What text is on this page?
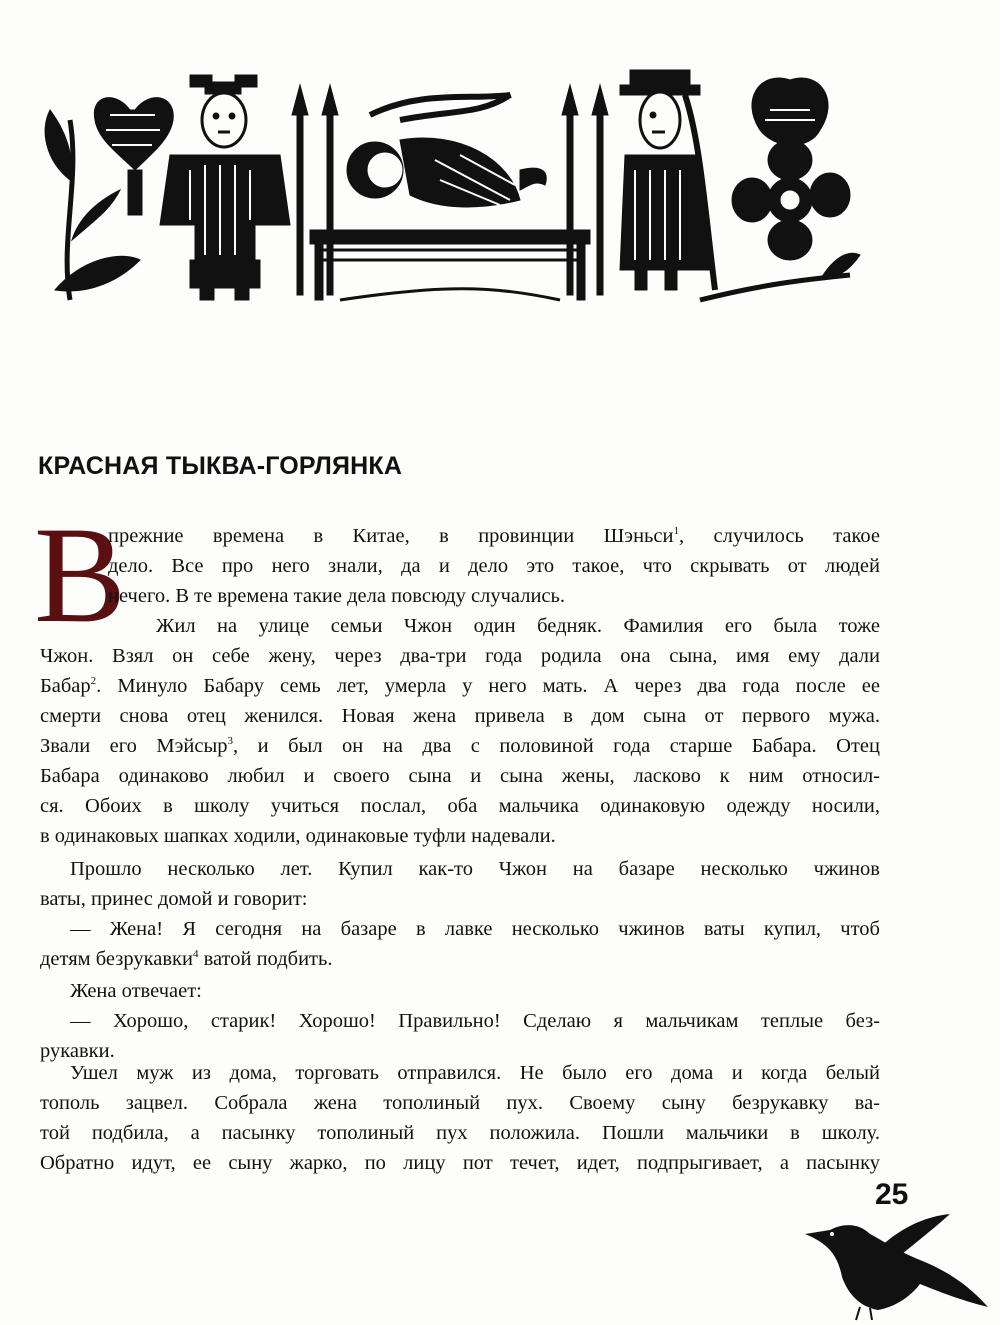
КРАСНАЯ ТЫКВА-ГОРЛЯНКА
В
прежние времена в Китае, в провинции Шэньси$^1$, случилось такое
дело. Все про него знали, да и дело это такое, что скрывать от людей
нечего. В те времена такие дела повсюду случались.
Жил на улице семьи Чжон один бедняк. Фамилия его была тоже
Чжон. Взял он себе жену, через два-три года родила она сына, имя ему дали
Бабар$^2$. Минуло Бабару семь лет, умерла у него мать. А через два года после ее
смерти снова отец женился. Новая жена привела в дом сына от первого мужа.
Звали его Мэйсыр$^3$, и был он на два с половиной года старше Бабара. Отец
Бабара одинаково любил и своего сына и сына жены, ласково к ним относил-
ся. Обоих в школу учиться послал, оба мальчика одинаковую одежду носили,
в одинаковых шапках ходили, одинаковые туфли надевали.
Прошло несколько лет. Купил как-то Чжон на базаре несколько чжинов
ваты, принес домой и говорит:
— Жена! Я сегодня на базаре в лавке несколько чжинов ваты купил, чтоб
детям безрукавки$^4$ ватой подбить.
Жена отвечает:
— Хорошо, старик! Хорошо! Правильно! Сделаю я мальчикам теплые без-
рукавки.
Ушел муж из дома, торговать отправился. Не было его дома и когда белый
тополь зацвел. Собрала жена тополиный пух. Своему сыну безрукавку ва-
той подбила, а пасынку тополиный пух положила. Пошли мальчики в школу.
Обратно идут, ее сыну жарко, по лицу пот течет, идет, подпрыгивает, а пасынку
25
